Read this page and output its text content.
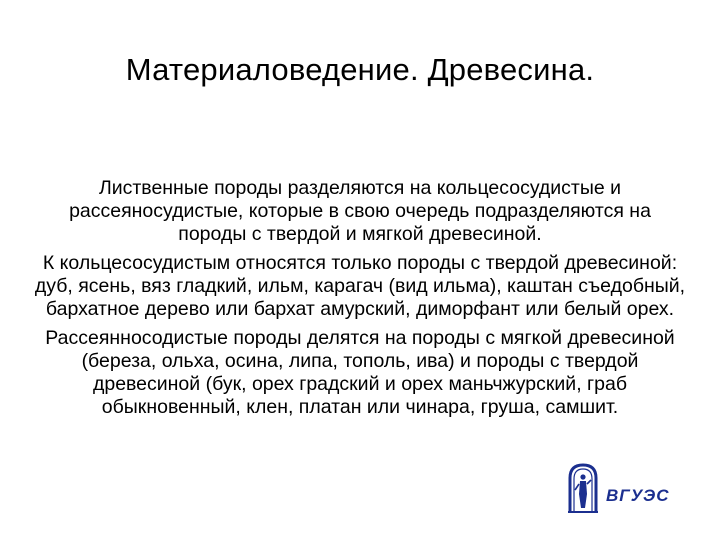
Материаловедение. Древесина.

Лиственные породы разделяются на кольцесосудистые и рассеяносудистые, которые в свою очередь подразделяются на породы с твердой и мягкой древесиной.

К кольцесосудистым относятся только породы с твердой древесиной: дуб, ясень, вяз гладкий, ильм, карагач (вид ильма), каштан съедобный, бархатное дерево или бархат амурский, диморфант или белый орех.

Рассеянносодистые породы делятся на породы с мягкой древесиной (береза, ольха, осина, липа, тополь, ива) и породы с твердой древесиной (бук, орех градский и орех маньчжурский, граб обыкновенный, клен, платан или чинара, груша, самшит.

ВГУЭС
